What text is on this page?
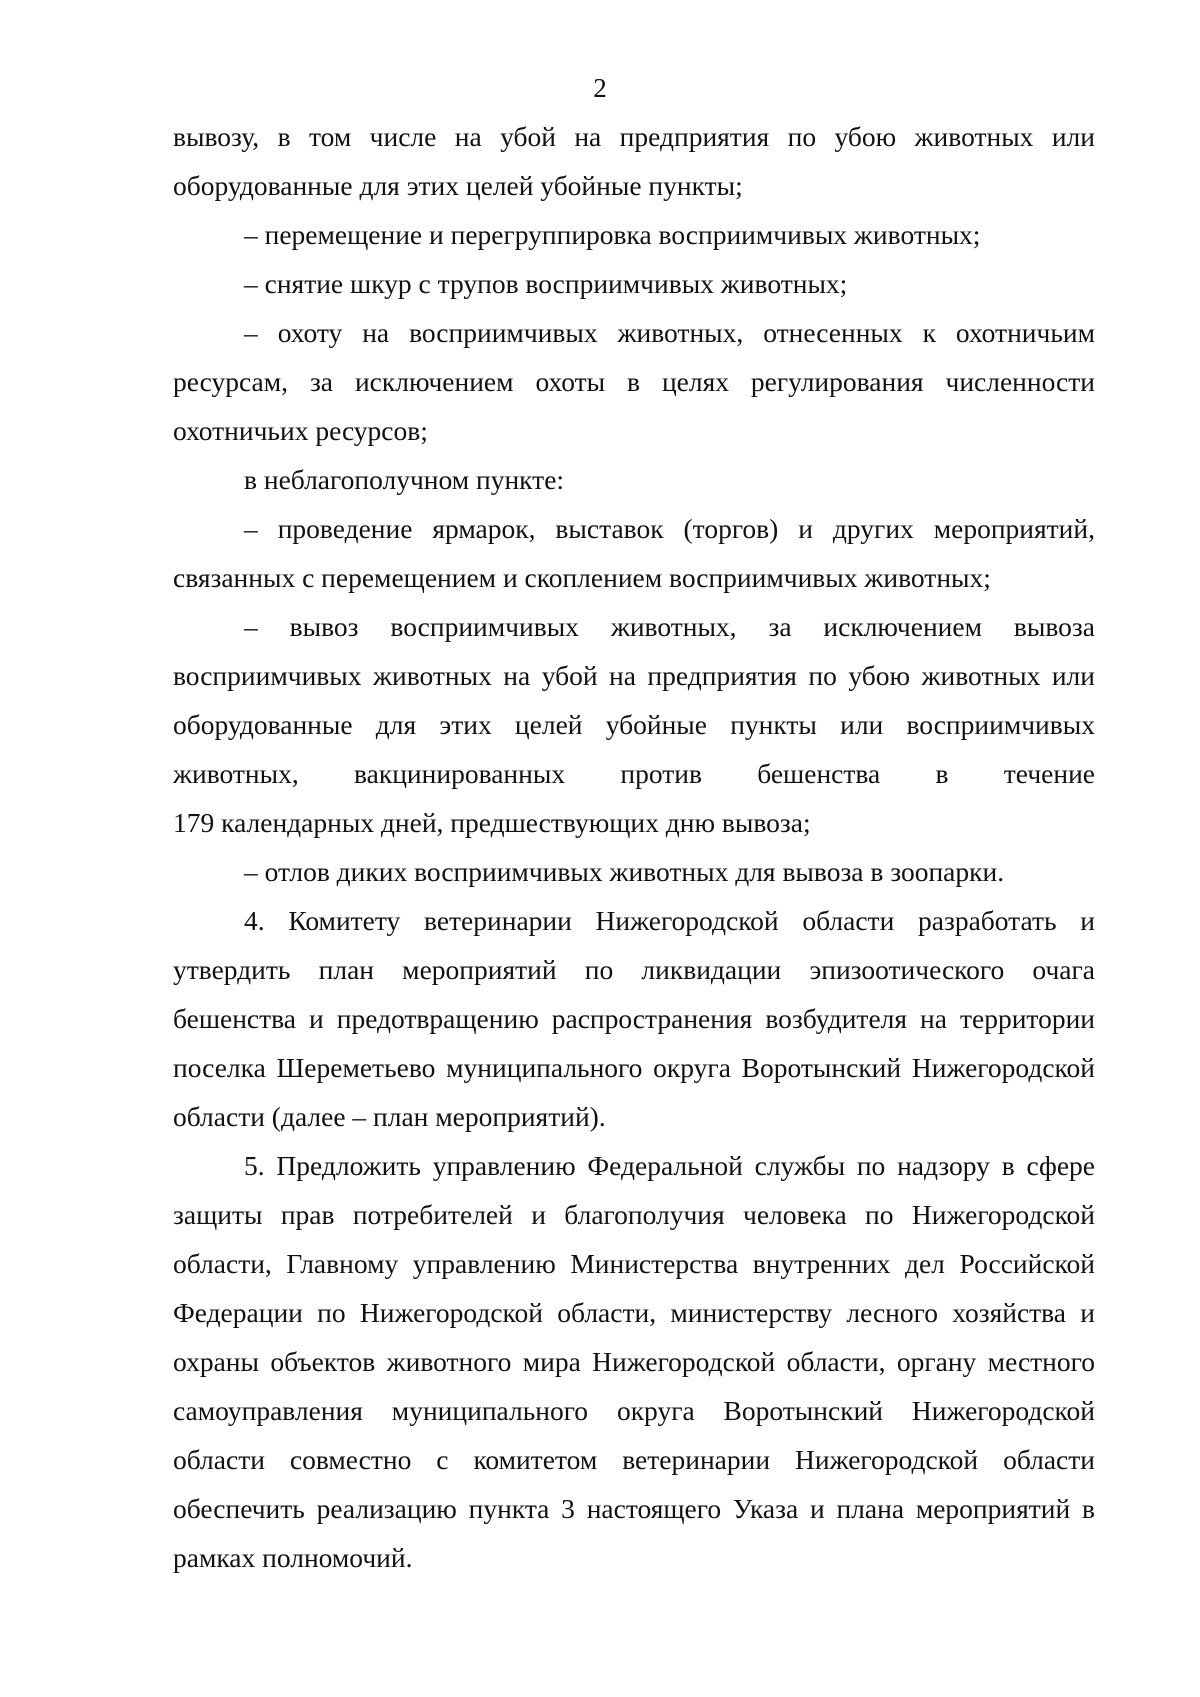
2

вывозу, в том числе на убой на предприятия по убою животных или оборудованные для этих целей убойные пункты;

– перемещение и перегруппировка восприимчивых животных;

– снятие шкур с трупов восприимчивых животных;

– охоту на восприимчивых животных, отнесенных к охотничьим ресурсам, за исключением охоты в целях регулирования численности охотничьих ресурсов;

в неблагополучном пункте:

– проведение ярмарок, выставок (торгов) и других мероприятий, связанных с перемещением и скоплением восприимчивых животных;

– вывоз восприимчивых животных, за исключением вывоза восприимчивых животных на убой на предприятия по убою животных или оборудованные для этих целей убойные пункты или восприимчивых животных, вакцинированных против бешенства в течение

179 календарных дней, предшествующих дню вывоза;

– отлов диких восприимчивых животных для вывоза в зоопарки.

4. Комитету ветеринарии Нижегородской области разработать и утвердить план мероприятий по ликвидации эпизоотического очага бешенства и предотвращению распространения возбудителя на территории поселка Шереметьево муниципального округа Воротынский Нижегородской области (далее – план мероприятий).

5. Предложить управлению Федеральной службы по надзору в сфере защиты прав потребителей и благополучия человека по Нижегородской области, Главному управлению Министерства внутренних дел Российской Федерации по Нижегородской области, министерству лесного хозяйства и охраны объектов животного мира Нижегородской области, органу местного самоуправления муниципального округа Воротынский Нижегородской области совместно с комитетом ветеринарии Нижегородской области обеспечить реализацию пункта 3 настоящего Указа и плана мероприятий в рамках полномочий.
